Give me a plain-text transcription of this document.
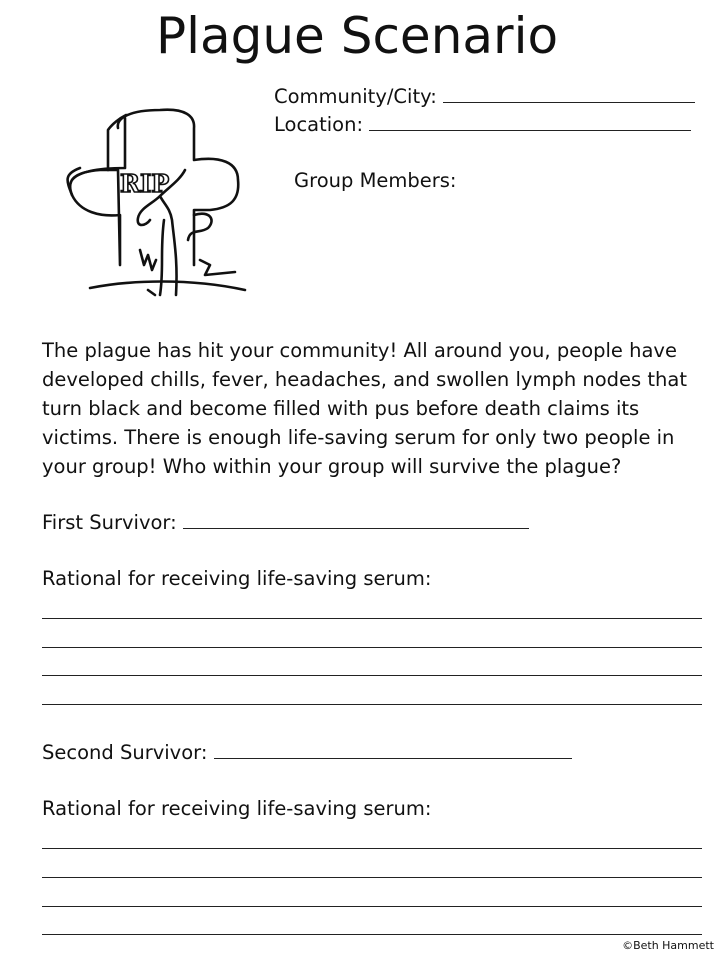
Plague Scenario
RIP
Community/City:
Location:
Group Members:
The plague has hit your community! All around you, people have developed chills, fever, headaches, and swollen lymph nodes that turn black and become filled with pus before death claims its victims. There is enough life-saving serum for only two people in your group! Who within your group will survive the plague?
First Survivor:
Rational for receiving life-saving serum:
Second Survivor:
Rational for receiving life-saving serum:
©Beth Hammett
